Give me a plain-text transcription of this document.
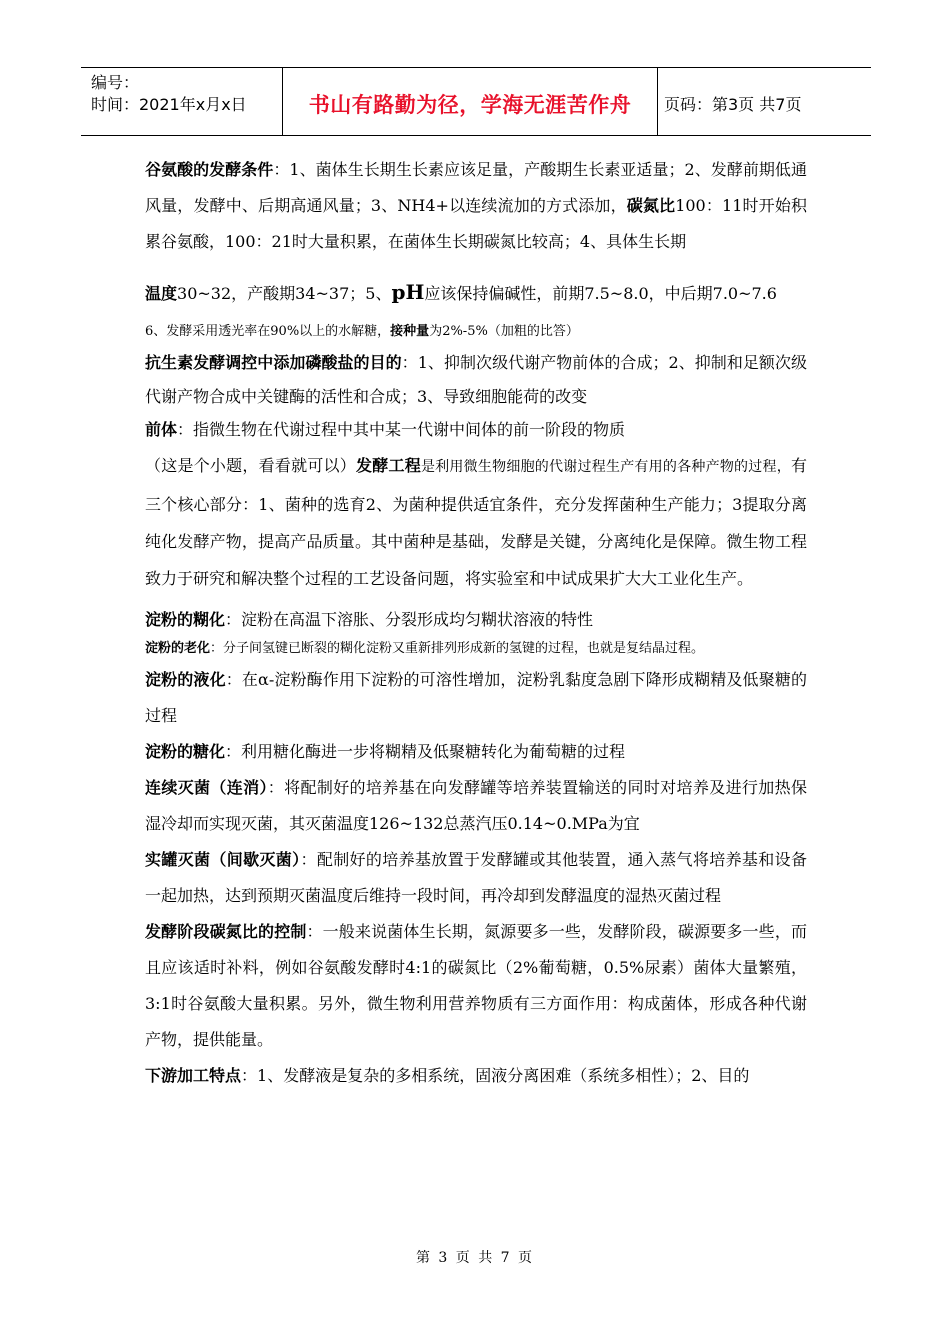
编号：
时间：2021年x月x日	书山有路勤为径，学海无涯苦作舟 页码：第3页 共7页

谷氨酸的发酵条件：1、菌体生长期生长素应该足量，产酸期生长素亚适量；2、发酵前期低通风量，发酵中、后期高通风量；3、NH4+以连续流加的方式添加，碳氮比100：11时开始积累谷氨酸，100：21时大量积累，在菌体生长期碳氮比较高；4、具体生长期

温度30~32，产酸期34~37；5、pH应该保持偏碱性，前期7.5~8.0，中后期7.0~7.6

6、发酵采用透光率在90%以上的水解糖，接种量为2%-5%（加粗的比答）

抗生素发酵调控中添加磷酸盐的目的：1、抑制次级代谢产物前体的合成；2、抑制和足额次级代谢产物合成中关键酶的活性和合成；3、导致细胞能荷的改变

前体：指微生物在代谢过程中其中某一代谢中间体的前一阶段的物质

（这是个小题，看看就可以）发酵工程是利用微生物细胞的代谢过程生产有用的各种产物的过程，有三个核心部分：1、菌种的选育2、为菌种提供适宜条件，充分发挥菌种生产能力；3提取分离纯化发酵产物，提高产品质量。其中菌种是基础，发酵是关键，分离纯化是保障。微生物工程致力于研究和解决整个过程的工艺设备问题，将实验室和中试成果扩大大工业化生产。

淀粉的糊化：淀粉在高温下溶胀、分裂形成均匀糊状溶液的特性

淀粉的老化：分子间氢键已断裂的糊化淀粉又重新排列形成新的氢键的过程，也就是复结晶过程。

淀粉的液化：在α-淀粉酶作用下淀粉的可溶性增加，淀粉乳黏度急剧下降形成糊精及低聚糖的过程

淀粉的糖化：利用糖化酶进一步将糊精及低聚糖转化为葡萄糖的过程

连续灭菌（连消）：将配制好的培养基在向发酵罐等培养装置输送的同时对培养及进行加热保湿冷却而实现灭菌，其灭菌温度126~132总蒸汽压0.14~0.MPa为宜

实罐灭菌（间歇灭菌）：配制好的培养基放置于发酵罐或其他装置，通入蒸气将培养基和设备一起加热，达到预期灭菌温度后维持一段时间，再冷却到发酵温度的湿热灭菌过程

发酵阶段碳氮比的控制：一般来说菌体生长期，氮源要多一些，发酵阶段，碳源要多一些，而且应该适时补料，例如谷氨酸发酵时4:1的碳氮比（2%葡萄糖，0.5%尿素）菌体大量繁殖，3:1时谷氨酸大量积累。另外，微生物利用营养物质有三方面作用：构成菌体，形成各种代谢产物，提供能量。

下游加工特点：1、发酵液是复杂的多相系统，固液分离困难（系统多相性）；2、目的

第 3 页 共 7 页
